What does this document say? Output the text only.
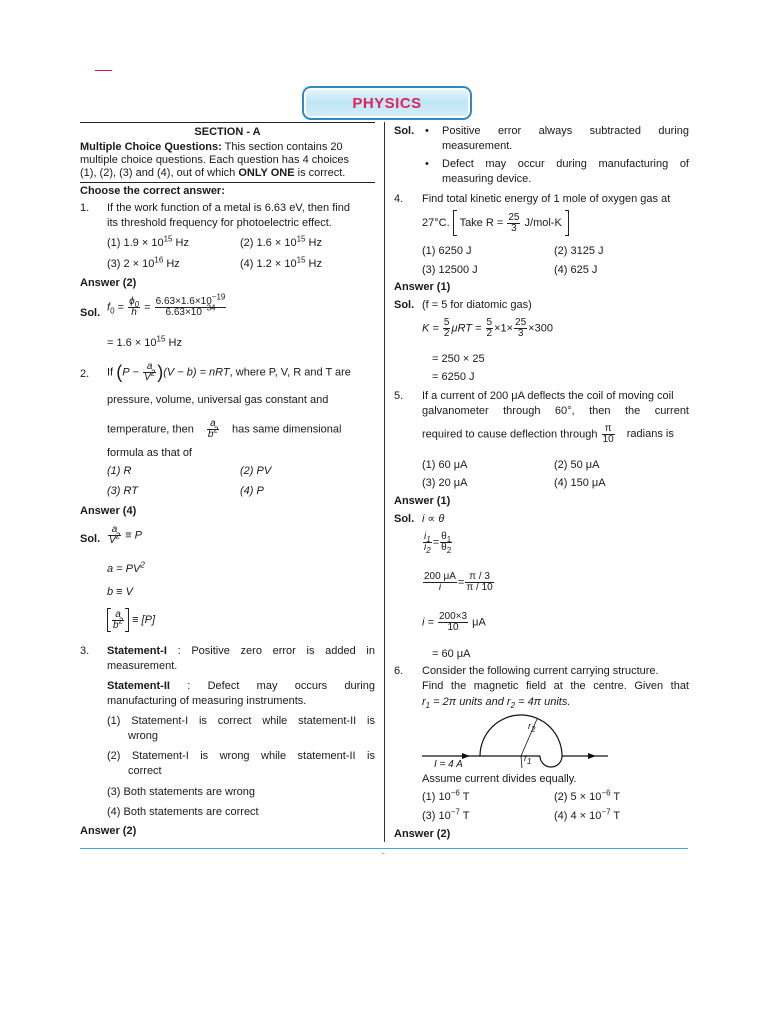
PHYSICS
SECTION - A
Multiple Choice Questions: This section contains 20
multiple choice questions. Each question has 4 choices
(1), (2), (3) and (4), out of which ONLY ONE is correct.
Choose the correct answer:
1. If the work function of a metal is 6.63 eV, then find
its threshold frequency for photoelectric effect.
(1) $1.9 \times 10^{15}$ Hz	(2) $1.6 \times 10^{15}$ Hz
(3) $2 \times 10^{16}$ Hz	(4) $1.2 \times 10^{15}$ Hz
Answer (2)
Sol. $f_0 = \frac{\phi_0}{h} = \frac{6.63\times 1.6\times 10^{-19}}{6.63\times 10^{-34}}$
= $1.6 \times 10^{15}$ Hz
2. If $(P - \frac{a}{V^2} )(V - b)$ = nRT, where P, V, R and T are
pressure, volume, universal gas constant and
temperature, then $\frac{a}{b^2}$ has same dimensional
formula as that of
(1) R	(2) PV
(3) RT	(4) P
Answer (4)
Sol. $\frac{a}{V^2} \equiv P$
$a = PV^2$
b ≡ V
$\frac{a}{b^2} \equiv [P]$
3. Statement-I : Positive zero error is added in
measurement.
Statement-II : Defect may occurs during
manufacturing of measuring instruments.
(1) Statement-I is correct while statement-II is
wrong
(2) Statement-I is wrong while statement-II is
correct
(3) Both statements are wrong
(4) Both statements are correct
Answer (2)
Sol. • Positive error always subtracted during
measurement.
• Defect may occur during manufacturing of
measuring device.
4. Find total kinetic energy of 1 mole of oxygen gas at
27°C. Take $R = \frac{25}{3} J/mol-K$
(1) 6250 J	(2) 3125 J
(3) 12500 J	(4) 625 J
Answer (1)
Sol. (f = 5 for diatomic gas)
$K = \frac{5}{2}$ $\mu RT = \frac{5}{2} \times 1\times \frac{25}{3} \times 300$
= 250 × 25
= 6250 J
5. If a current of 200 μA deflects the coil of moving coil
galvanometer through 60°, then the current
required to cause deflection through $\frac{\pi}{10}$ radians is
(1) 60 μA	(2) 50 μA
(3) 20 μA	(4) 150 μA
Answer (1)
Sol. i ∝ θ
$\frac{i_1}{i_2} = \frac{\theta_1}{\theta_2}$
$\frac{200 \mu A}{i} = \frac{\pi / 3}{\pi / 10}$
$i = \frac{200\times 3}{10}$ μA
= 60 μA
6. Consider the following current carrying structure.
Find the magnetic field at the centre. Given that
$r_1 = 2\pi$ units and $r_2 = 4\pi$ units.
I = 4 A
$r_2$
$r_1$
Assume current divides equally.
(1) $10^{-6}$ T	(2) $5 \times 10^{-6}$ T
(3) $10^{-7}$ T	(4) $4 \times 10^{-7}$ T
Answer (2)
-
